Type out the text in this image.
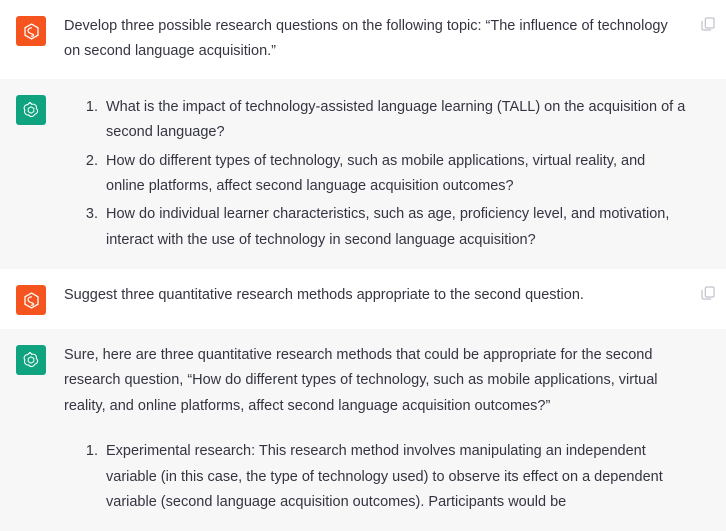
Develop three possible research questions on the following topic: “The influence of technology on second language acquisition.”

1. What is the impact of technology-assisted language learning (TALL) on the acquisition of a second language?
2. How do different types of technology, such as mobile applications, virtual reality, and online platforms, affect second language acquisition outcomes?
3. How do individual learner characteristics, such as age, proficiency level, and motivation, interact with the use of technology in second language acquisition?

Suggest three quantitative research methods appropriate to the second question.

Sure, here are three quantitative research methods that could be appropriate for the second research question, “How do different types of technology, such as mobile applications, virtual reality, and online platforms, affect second language acquisition outcomes?”

1. Experimental research: This research method involves manipulating an independent variable (in this case, the type of technology used) to observe its effect on a dependent variable (second language acquisition outcomes). Participants would be
